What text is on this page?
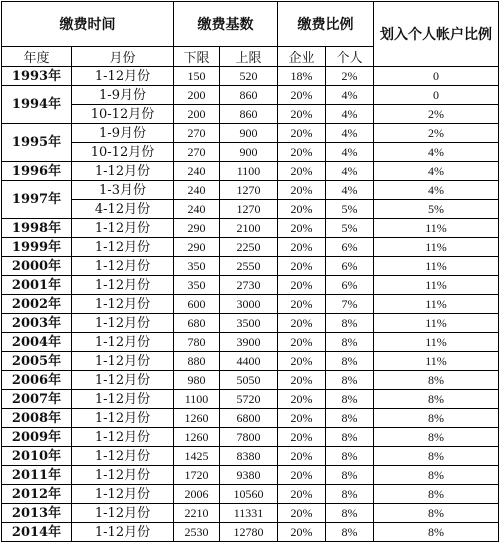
缴费时间		缴费基数		缴费比例		划入个人帐户比例
年度	月份	下限	上限	企业	个人	
1993年	1-12月份	150	520	18%	2%	0
1994年	1-9月份	200	860	20%	4%	0
	10-12月份	200	860	20%	4%	2%
1995年	1-9月份	270	900	20%	4%	2%
	10-12月份	270	900	20%	4%	4%
1996年	1-12月份	240	1100	20%	4%	4%
1997年	1-3月份	240	1270	20%	4%	4%
	4-12月份	240	1270	20%	5%	5%
1998年	1-12月份	290	2100	20%	5%	11%
1999年	1-12月份	290	2250	20%	6%	11%
2000年	1-12月份	350	2550	20%	6%	11%
2001年	1-12月份	350	2730	20%	6%	11%
2002年	1-12月份	600	3000	20%	7%	11%
2003年	1-12月份	680	3500	20%	8%	11%
2004年	1-12月份	780	3900	20%	8%	11%
2005年	1-12月份	880	4400	20%	8%	11%
2006年	1-12月份	980	5050	20%	8%	8%
2007年	1-12月份	1100	5720	20%	8%	8%
2008年	1-12月份	1260	6800	20%	8%	8%
2009年	1-12月份	1260	7800	20%	8%	8%
2010年	1-12月份	1425	8380	20%	8%	8%
2011年	1-12月份	1720	9380	20%	8%	8%
2012年	1-12月份	2006	10560	20%	8%	8%
2013年	1-12月份	2210	11331	20%	8%	8%
2014年	1-12月份	2530	12780	20%	8%	8%
